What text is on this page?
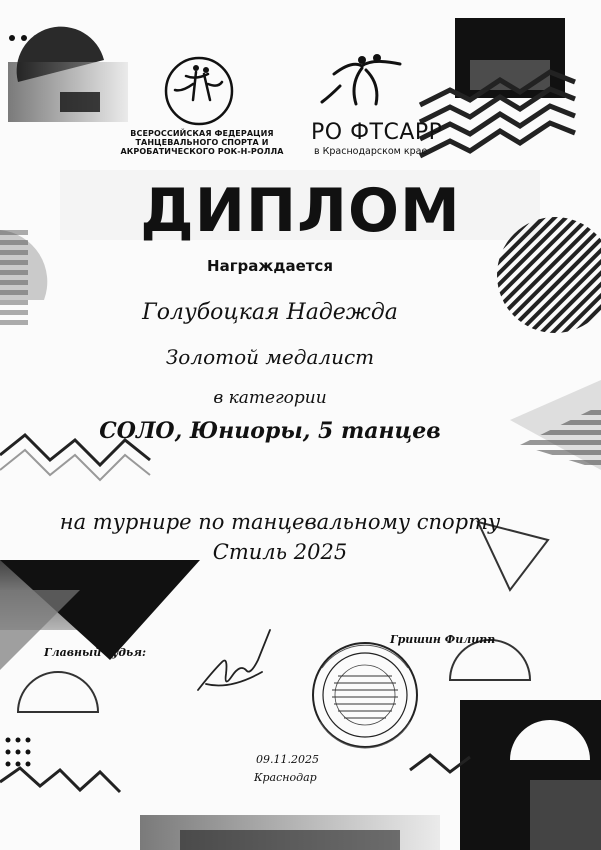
ВСЕРОССИЙСКАЯ ФЕДЕРАЦИЯ
ТАНЦЕВАЛЬНОГО СПОРТА И
АКРОБАТИЧЕСКОГО РОК-Н-РОЛЛА
РО ФТСАРР
в Краснодарском крае
ДИПЛОМ
Награждается
Голубоцкая Надежда
Золотой медалист
в категории
СОЛО, Юниоры, 5 танцев
на турнире по танцевальному спорту
Стиль 2025
Главный судья:
Гришин Филипп
09.11.2025
Краснодар
